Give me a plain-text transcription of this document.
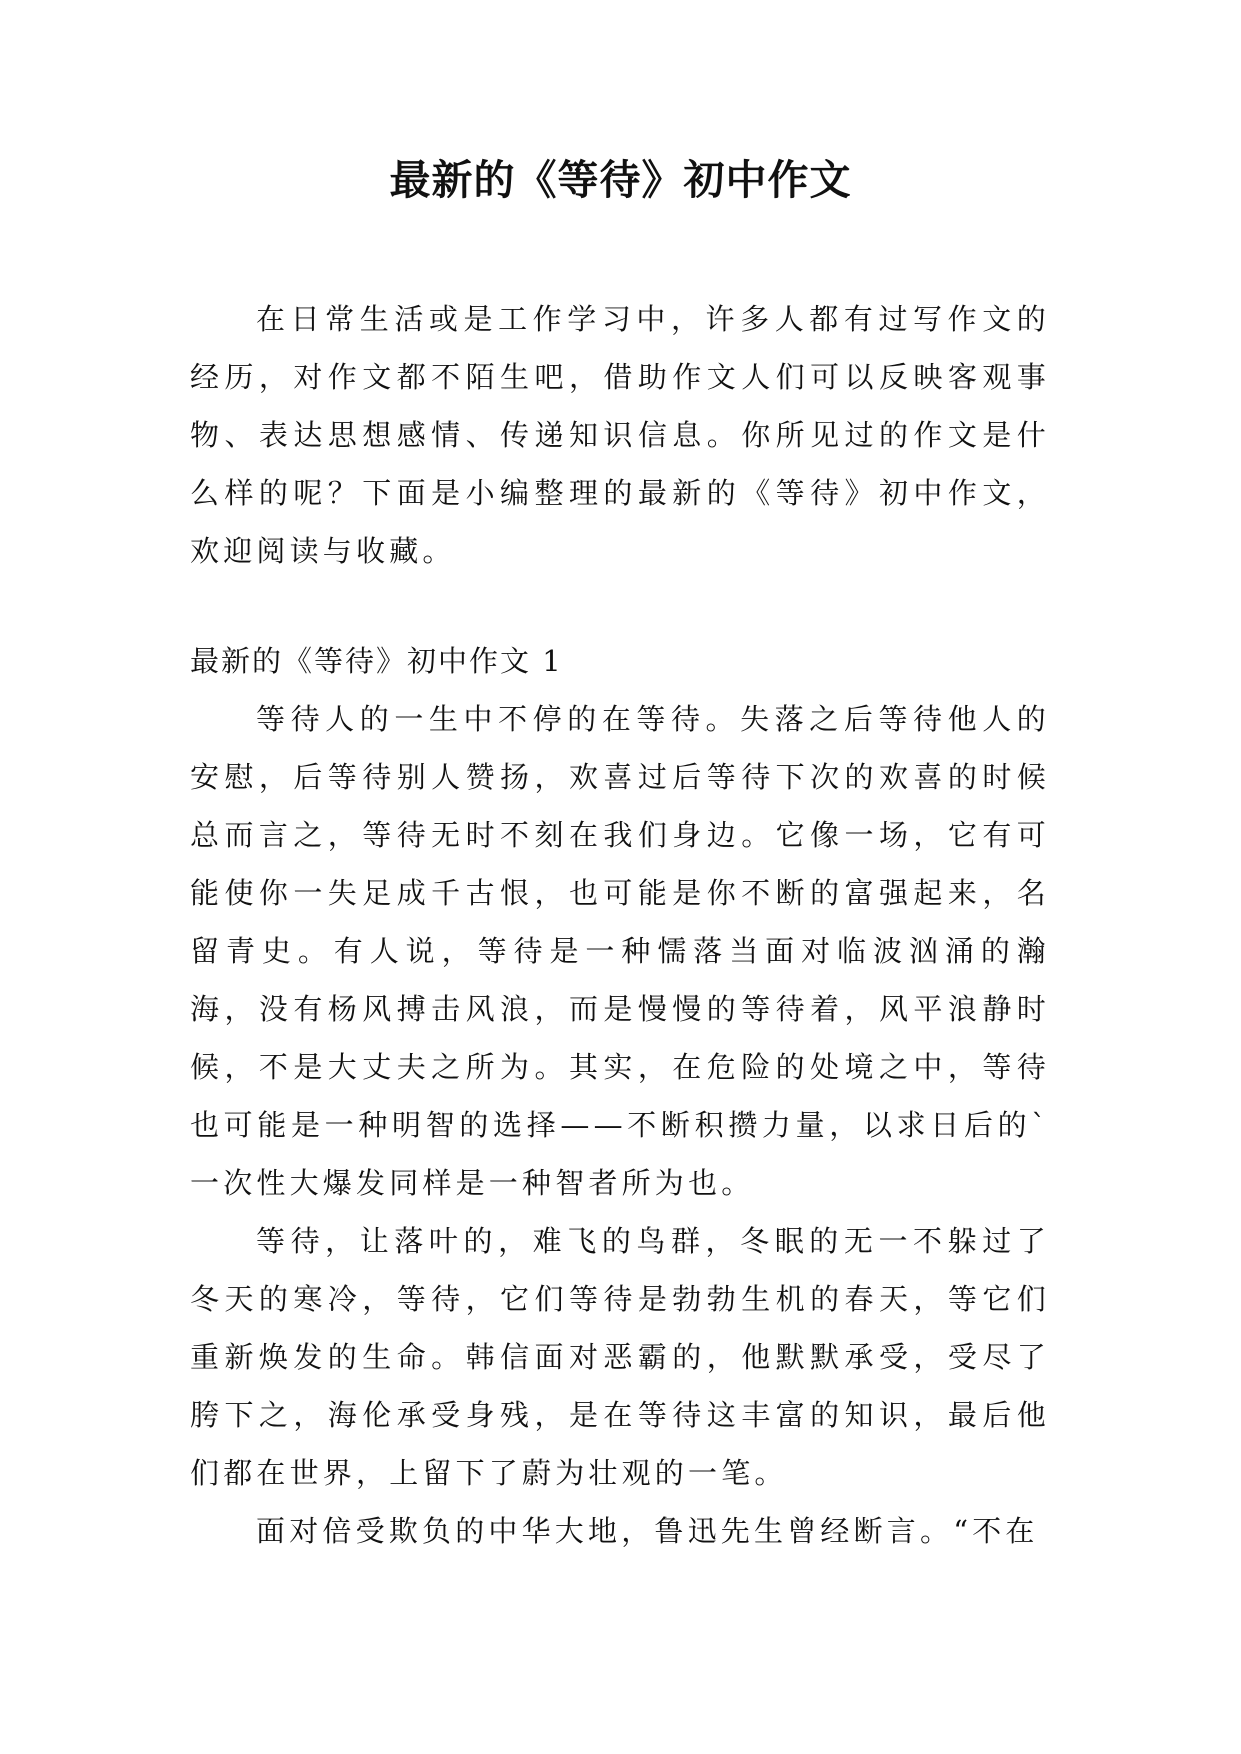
最新的《等待》初中作文

在日常生活或是工作学习中，许多人都有过写作文的经历，对作文都不陌生吧，借助作文人们可以反映客观事物、表达思想感情、传递知识信息。你所见过的作文是什么样的呢？下面是小编整理的最新的《等待》初中作文，欢迎阅读与收藏。

最新的《等待》初中作文 1

等待人的一生中不停的在等待。失落之后等待他人的安慰，后等待别人赞扬，欢喜过后等待下次的欢喜的时候总而言之，等待无时不刻在我们身边。它像一场，它有可能使你一失足成千古恨，也可能是你不断的富强起来，名留青史。有人说，等待是一种懦落当面对临波汹涌的瀚海，没有杨风搏击风浪，而是慢慢的等待着，风平浪静时候，不是大丈夫之所为。其实，在危险的处境之中，等待也可能是一种明智的选择——不断积攒力量，以求日后的`一次性大爆发同样是一种智者所为也。

等待，让落叶的，难飞的鸟群，冬眠的无一不躲过了冬天的寒冷，等待，它们等待是勃勃生机的春天，等它们重新焕发的生命。韩信面对恶霸的，他默默承受，受尽了胯下之，海伦承受身残，是在等待这丰富的知识，最后他们都在世界，上留下了蔚为壮观的一笔。

面对倍受欺负的中华大地，鲁迅先生曾经断言。“不在
